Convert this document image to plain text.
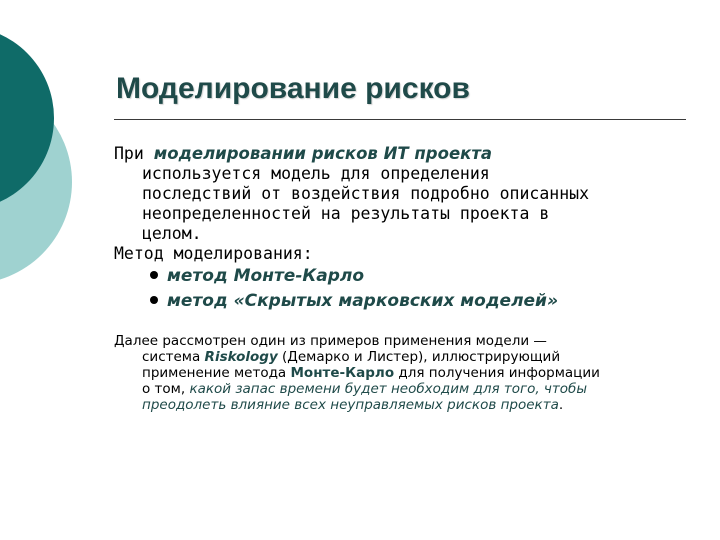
Моделирование рисков

При моделировании рисков ИТ проекта
используется модель для определения
последствий от воздействия подробно описанных
неопределенностей на результаты проекта в
целом.

Метод моделирования:

метод Монте-Карло
метод «Скрытых марковских моделей»

Далее рассмотрен один из примеров применения модели —

система Riskology (Демарко и Листер), иллюстрирующий

применение метода Монте-Карло для получения информации

о том, какой запас времени будет необходим для того, чтобы

преодолеть влияние всех неуправляемых рисков проекта.
